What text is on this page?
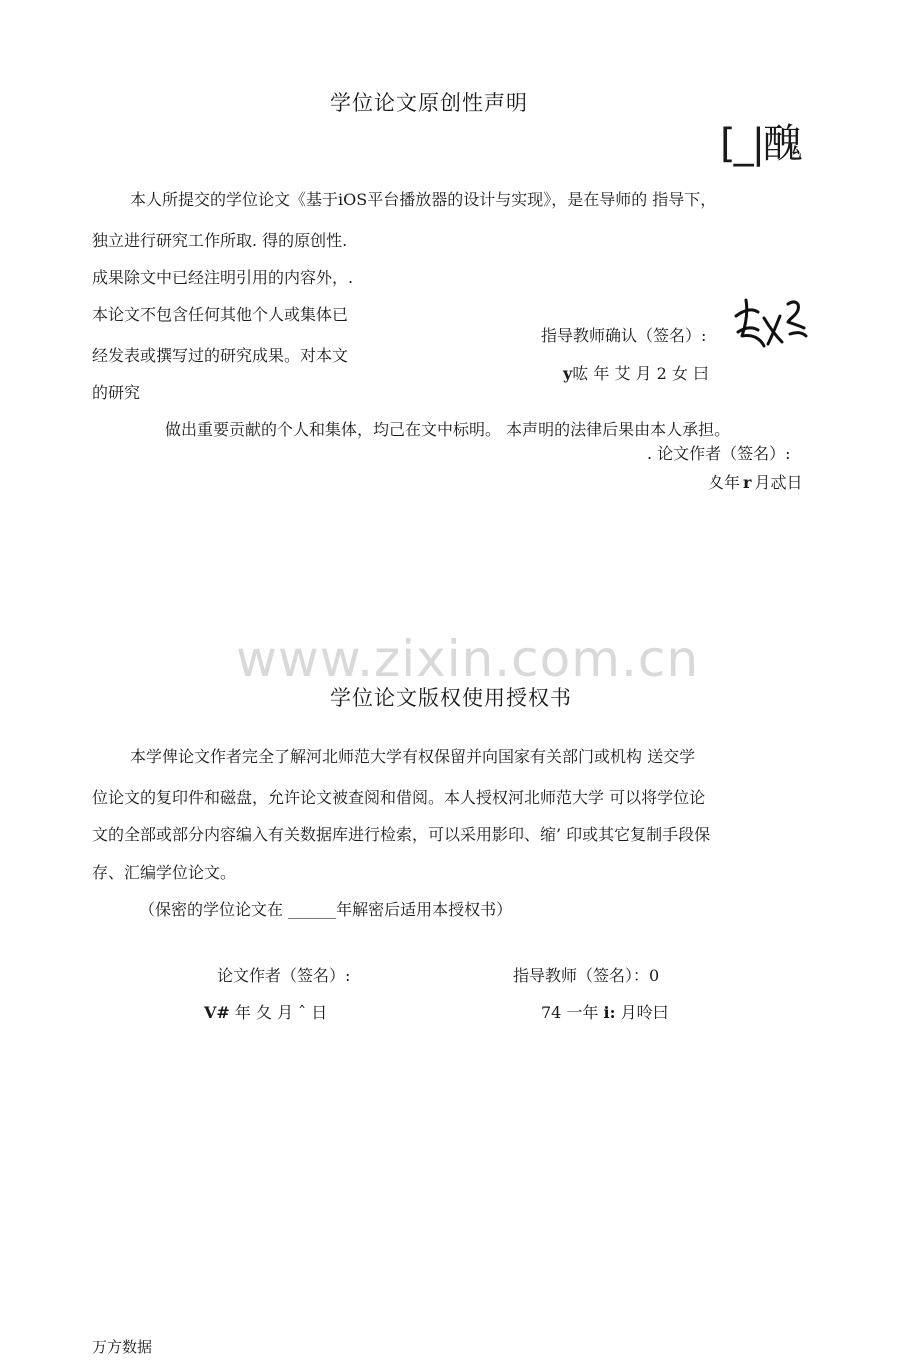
学位论文原创性声明
[_|醜
本人所提交的学位论文《基于iOS平台播放器的设计与实现》，是在导师的 指导下，
独立进行研究工作所取. 得的原创性.
成果除文中已经注明引用的内容外，.
本论文不包含任何其他个人或集体已
经发表或撰写过的研究成果。对本文
的研究
指导教师确认（签名）:
y吰 年 艾 月 2 女 曰
做出重要贡献的个人和集体，均己在文中标明。 本声明的法律后果由本人承担。
. 论文作者（签名）:
夊年 r 月忒日
www.zixin.com.cn
学位论文版权使用授权书
本学俾论文作者完全了解河北师范大学有权保留并向国家有关部门或机构 送交学
位论文的复印件和磁盘，允许论文被查阅和借阅。本人授权河北师范大学 可以将学位论
文的全部或部分内容编入有关数据库进行检索，可以采用影印、缩’ 印或其它复制手段保
存、汇编学位论文。
（保密的学位论文在 ______年解密后适用本授权书）
论文作者（签名）:	指导教师（签名）：0
V# 年 夂 月 ˆ 日	74 一年 i: 月呤曰
万方数据
